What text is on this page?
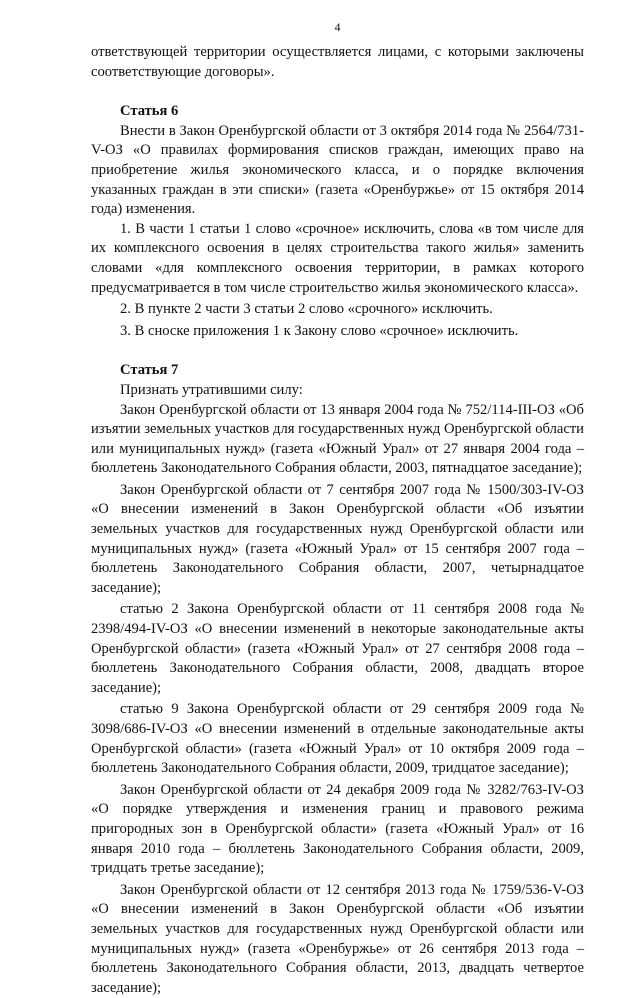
4

ответствующей территории осуществляется лицами, с которыми заключены соответствующие договоры».

Статья 6

Внести в Закон Оренбургской области от 3 октября 2014 года № 2564/731-V-ОЗ «О правилах формирования списков граждан, имеющих право на приобретение жилья экономического класса, и о порядке включения указанных граждан в эти списки» (газета «Оренбуржье» от 15 октября 2014 года) изменения.

1. В части 1 статьи 1 слово «срочное» исключить, слова «в том числе для их комплексного освоения в целях строительства такого жилья» заменить словами «для комплексного освоения территории, в рамках которого предусматривается в том числе строительство жилья экономического класса».

2. В пункте 2 части 3 статьи 2 слово «срочного» исключить.

3. В сноске приложения 1 к Закону слово «срочное» исключить.

Статья 7

Признать утратившими силу:

Закон Оренбургской области от 13 января 2004 года № 752/114-III-ОЗ «Об изъятии земельных участков для государственных нужд Оренбургской области или муниципальных нужд» (газета «Южный Урал» от 27 января 2004 года – бюллетень Законодательного Собрания области, 2003, пятнадцатое заседание);

Закон Оренбургской области от 7 сентября 2007 года № 1500/303-IV-ОЗ «О внесении изменений в Закон Оренбургской области «Об изъятии земельных участков для государственных нужд Оренбургской области или муниципальных нужд» (газета «Южный Урал» от 15 сентября 2007 года – бюллетень Законодательного Собрания области, 2007, четырнадцатое заседание);

статью 2 Закона Оренбургской области от 11 сентября 2008 года № 2398/494-IV-ОЗ «О внесении изменений в некоторые законодательные акты Оренбургской области» (газета «Южный Урал» от 27 сентября 2008 года – бюллетень Законодательного Собрания области, 2008, двадцать второе заседание);

статью 9 Закона Оренбургской области от 29 сентября 2009 года № 3098/686-IV-ОЗ «О внесении изменений в отдельные законодательные акты Оренбургской области» (газета «Южный Урал» от 10 октября 2009 года – бюллетень Законодательного Собрания области, 2009, тридцатое заседание);

Закон Оренбургской области от 24 декабря 2009 года № 3282/763-IV-ОЗ «О порядке утверждения и изменения границ и правового режима пригородных зон в Оренбургской области» (газета «Южный Урал» от 16 января 2010 года – бюллетень Законодательного Собрания области, 2009, тридцать третье заседание);

Закон Оренбургской области от 12 сентября 2013 года № 1759/536-V-ОЗ «О внесении изменений в Закон Оренбургской области «Об изъятии земельных участков для государственных нужд Оренбургской области или муниципальных нужд» (газета «Оренбуржье» от 26 сентября 2013 года – бюллетень Законодательного Собрания области, 2013, двадцать четвертое заседание);
